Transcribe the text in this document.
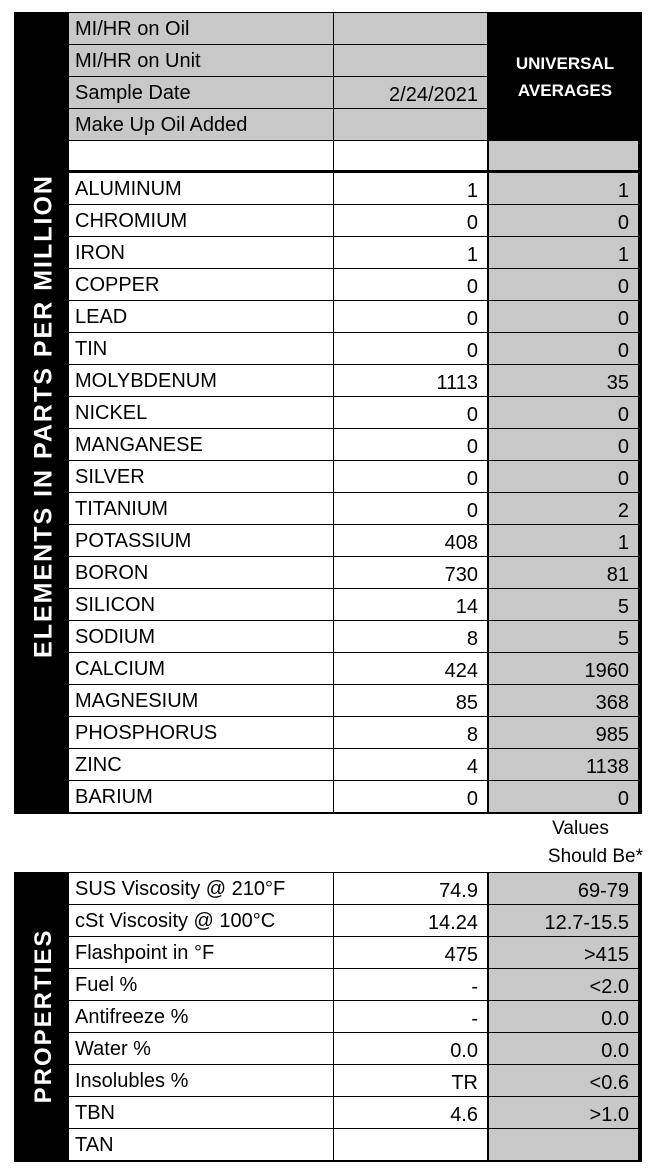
ELEMENTS IN PARTS PER MILLION
MI/HR on Oil
MI/HR on Unit
Sample Date	2/24/2021
Make Up Oil Added
UNIVERSAL
AVERAGES
ALUMINUM	1	1
CHROMIUM	0	0
IRON	1	1
COPPER	0	0
LEAD	0	0
TIN	0	0
MOLYBDENUM	1113	35
NICKEL	0	0
MANGANESE	0	0
SILVER	0	0
TITANIUM	0	2
POTASSIUM	408	1
BORON	730	81
SILICON	14	5
SODIUM	8	5
CALCIUM	424	1960
MAGNESIUM	85	368
PHOSPHORUS	8	985
ZINC	4	1138
BARIUM	0	0
Values
Should Be*
PROPERTIES
SUS Viscosity @ 210°F	74.9	69-79
cSt Viscosity @ 100°C	14.24	12.7-15.5
Flashpoint in °F	475	>415
Fuel %	-	<2.0
Antifreeze %	-	0.0
Water %	0.0	0.0
Insolubles %	TR	<0.6
TBN	4.6	>1.0
TAN
